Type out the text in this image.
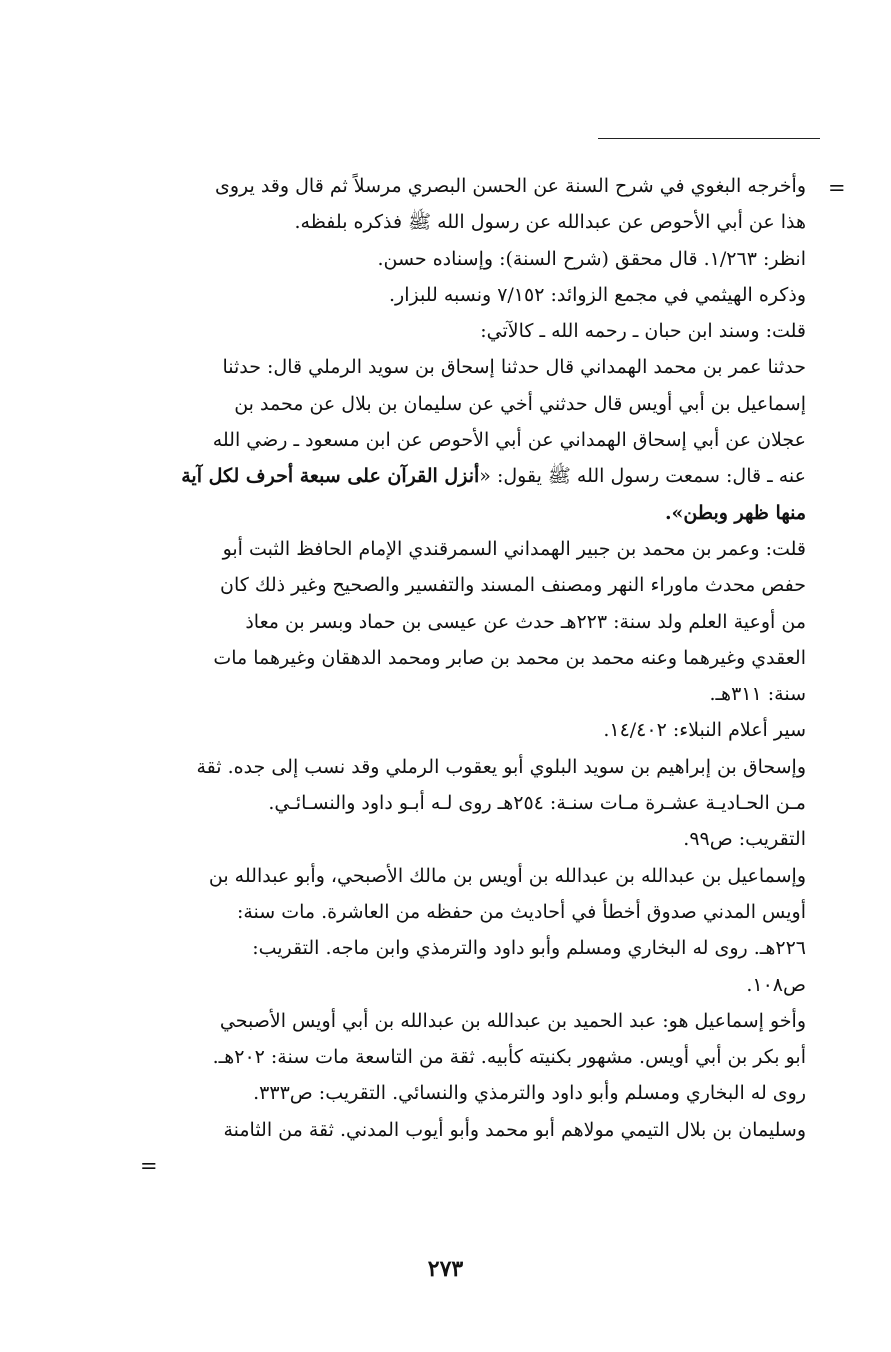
=
وأخرجه البغوي في شرح السنة عن الحسن البصري مرسلاً ثم قال وقد يروى
هذا عن أبي الأحوص عن عبدالله عن رسول الله ﷺ فذكره بلفظه.
انظر: ١/٢٦٣. قال محقق (شرح السنة): وإسناده حسن.
وذكره الهيثمي في مجمع الزوائد: ٧/١٥٢ ونسبه للبزار.
قلت: وسند ابن حبان ـ رحمه الله ـ كالآتي:
حدثنا عمر بن محمد الهمداني قال حدثنا إسحاق بن سويد الرملي قال: حدثنا
إسماعيل بن أبي أويس قال حدثني أخي عن سليمان بن بلال عن محمد بن
عجلان عن أبي إسحاق الهمداني عن أبي الأحوص عن ابن مسعود ـ رضي الله
عنه ـ قال: سمعت رسول الله ﷺ يقول: «أنزل القرآن على سبعة أحرف لكل آية
منها ظهر وبطن».
قلت: وعمر بن محمد بن جبير الهمداني السمرقندي الإمام الحافظ الثبت أبو
حفص محدث ماوراء النهر ومصنف المسند والتفسير والصحيح وغير ذلك كان
من أوعية العلم ولد سنة: ٢٢٣هـ حدث عن عيسى بن حماد وبسر بن معاذ
العقدي وغيرهما وعنه محمد بن محمد بن صابر ومحمد الدهقان وغيرهما مات
سنة: ٣١١هـ.
سير أعلام النبلاء: ١٤/٤٠٢.
وإسحاق بن إبراهيم بن سويد البلوي أبو يعقوب الرملي وقد نسب إلى جده. ثقة
مـن الحـاديـة عشـرة مـات سنـة: ٢٥٤هـ روى لـه أبـو داود والنسـائـي.
التقريب: ص٩٩.
وإسماعيل بن عبدالله بن عبدالله بن أويس بن مالك الأصبحي، وأبو عبدالله بن
أويس المدني صدوق أخطأ في أحاديث من حفظه من العاشرة. مات سنة:
٢٢٦هـ. روى له البخاري ومسلم وأبو داود والترمذي وابن ماجه. التقريب:
ص١٠٨.
وأخو إسماعيل هو: عبد الحميد بن عبدالله بن عبدالله بن أبي أويس الأصبحي
أبو بكر بن أبي أويس. مشهور بكنيته كأبيه. ثقة من التاسعة مات سنة: ٢٠٢هـ.
روى له البخاري ومسلم وأبو داود والترمذي والنسائي. التقريب: ص٣٣٣.
وسليمان بن بلال التيمي مولاهم أبو محمد وأبو أيوب المدني. ثقة من الثامنة
=
٢٧٣
